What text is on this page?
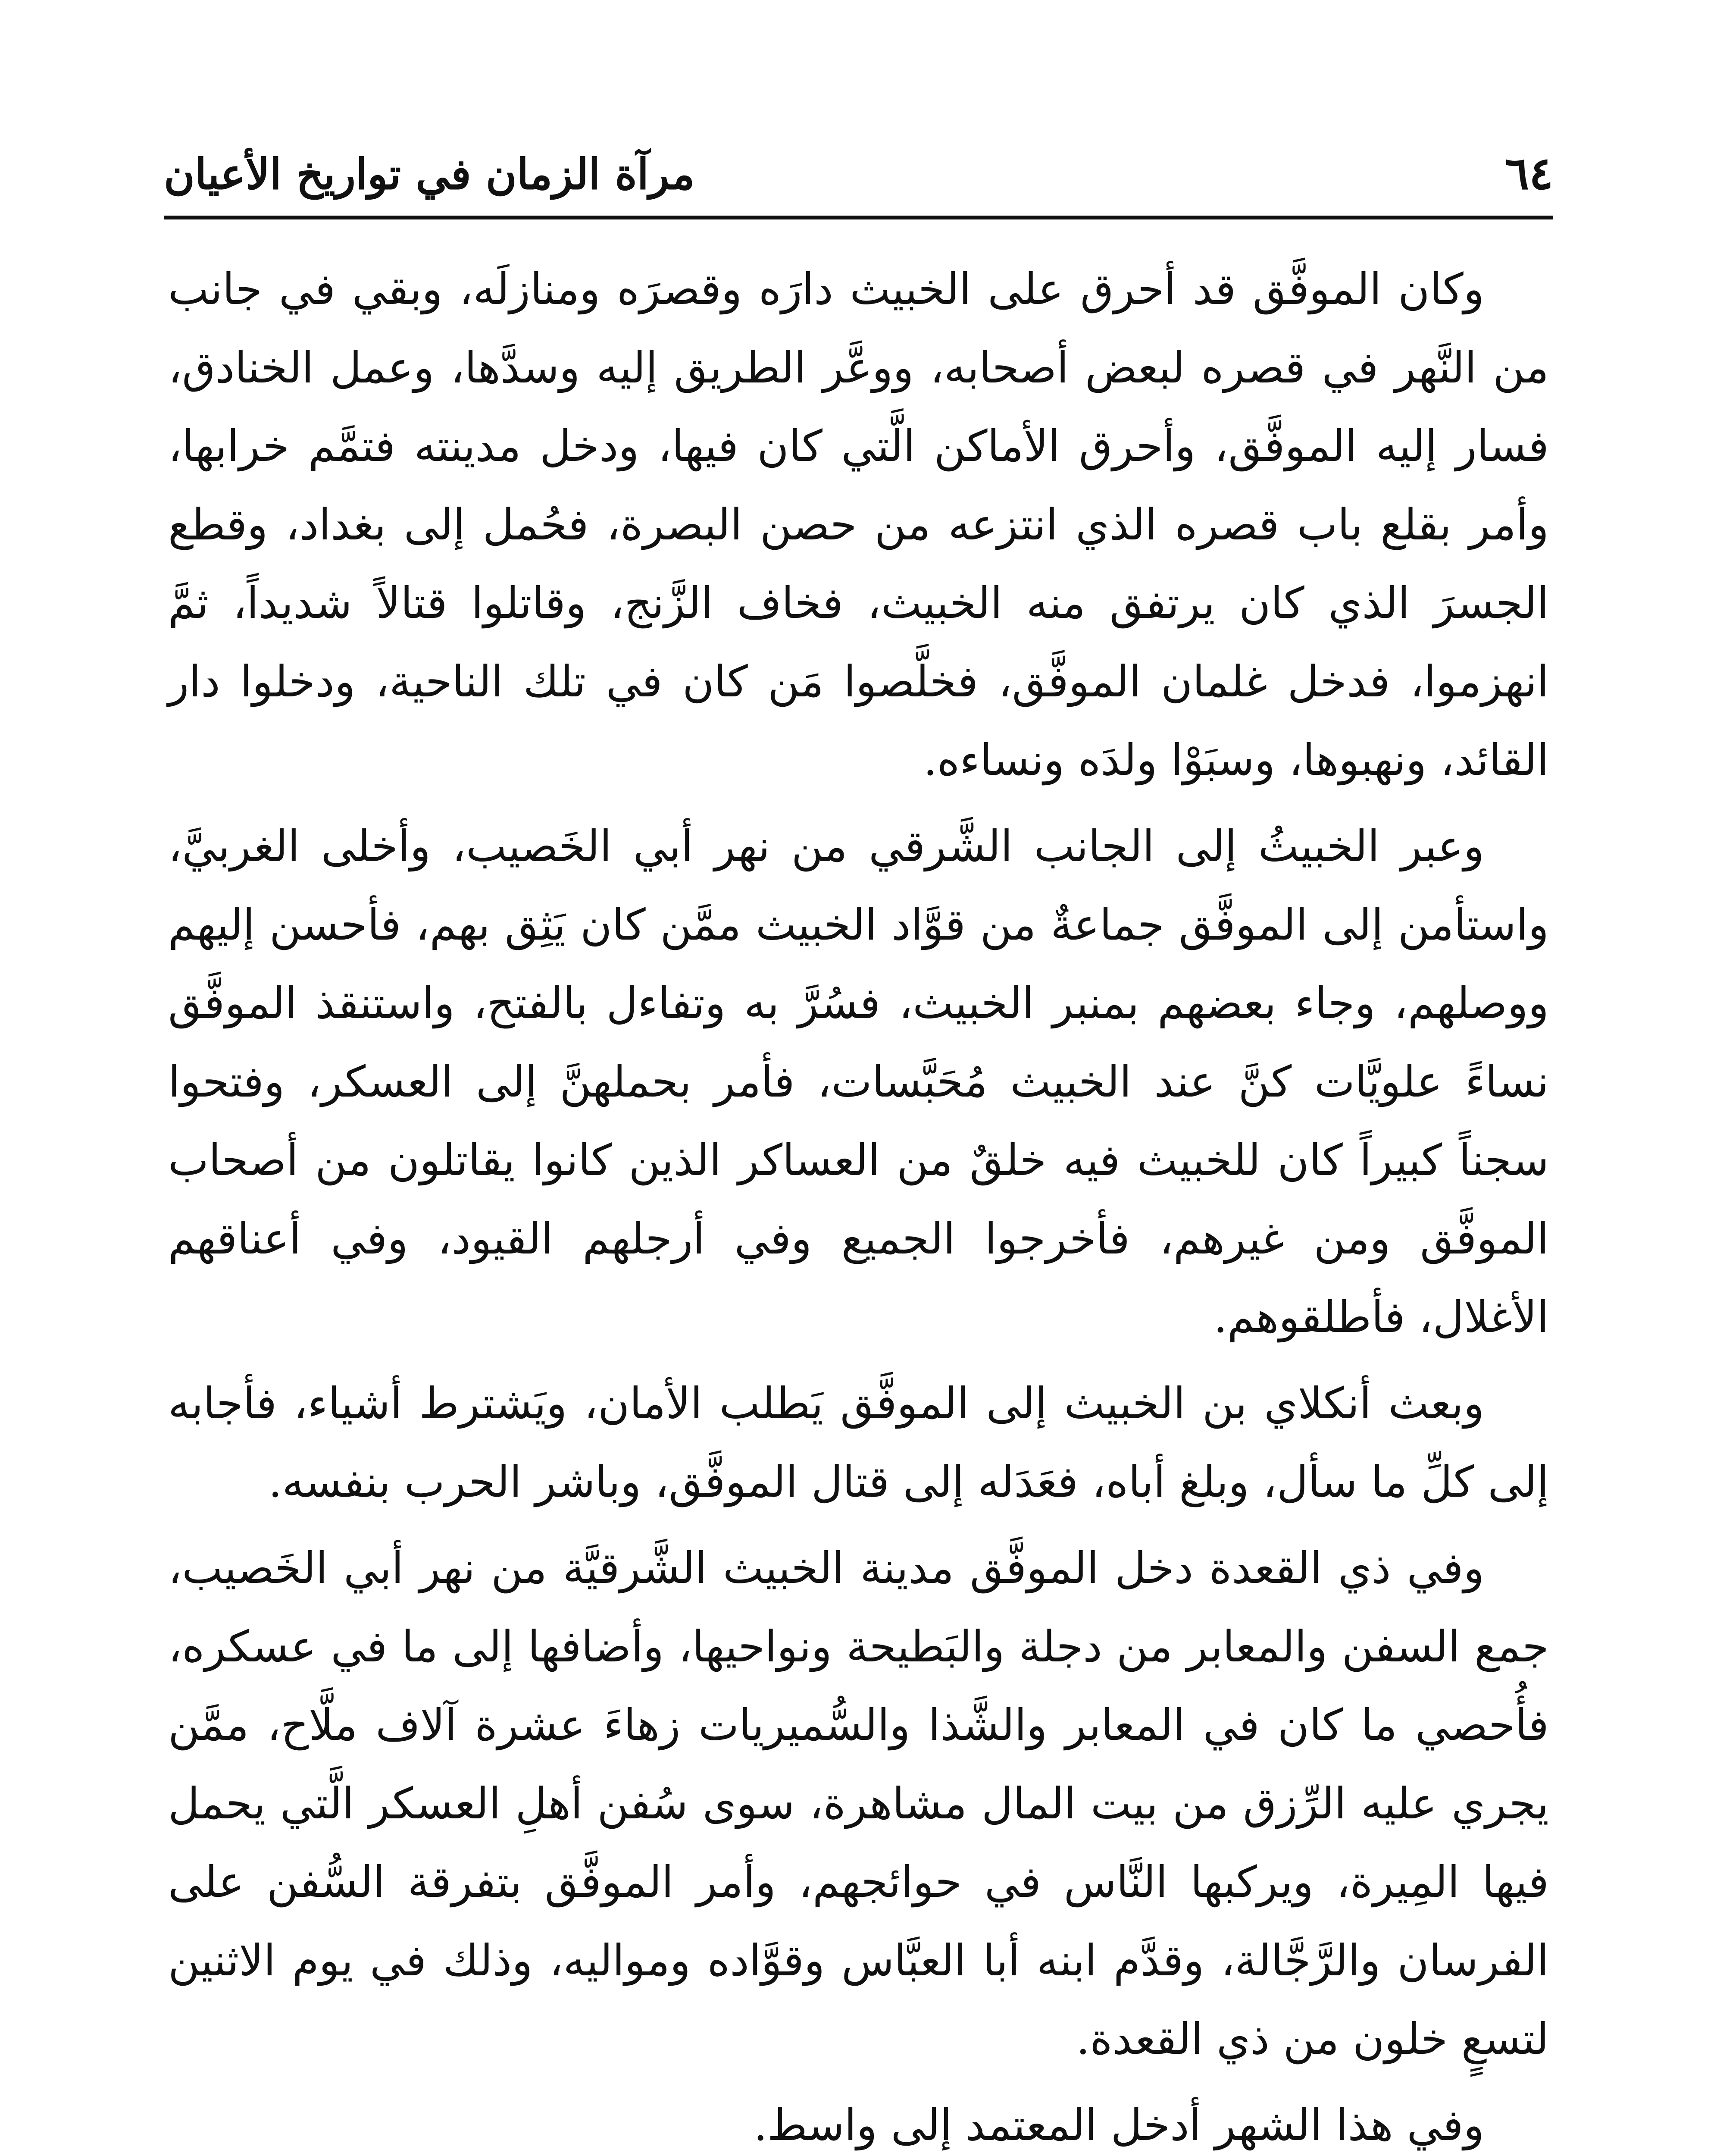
٦٤
مرآة الزمان في تواريخ الأعيان

وكان الموفَّق قد أحرق على الخبيث دارَه وقصرَه ومنازلَه، وبقي في جانب من النَّهر في قصره لبعض أصحابه، ووعَّر الطريق إليه وسدَّها، وعمل الخنادق، فسار إليه الموفَّق، وأحرق الأماكن الَّتي كان فيها، ودخل مدينته فتمَّم خرابها، وأمر بقلع باب قصره الذي انتزعه من حصن البصرة، فحُمل إلى بغداد، وقطع الجسرَ الذي كان يرتفق منه الخبيث، فخاف الزَّنج، وقاتلوا قتالاً شديداً، ثمَّ انهزموا، فدخل غلمان الموفَّق، فخلَّصوا مَن كان في تلك الناحية، ودخلوا دار القائد، ونهبوها، وسبَوْا ولدَه ونساءه.

وعبر الخبيثُ إلى الجانب الشَّرقي من نهر أبي الخَصيب، وأخلى الغربيَّ، واستأمن إلى الموفَّق جماعةٌ من قوَّاد الخبيث ممَّن كان يَثِق بهم، فأحسن إليهم ووصلهم، وجاء بعضهم بمنبر الخبيث، فسُرَّ به وتفاءل بالفتح، واستنقذ الموفَّق نساءً علويَّات كنَّ عند الخبيث مُحَبَّسات، فأمر بحملهنَّ إلى العسكر، وفتحوا سجناً كبيراً كان للخبيث فيه خلقٌ من العساكر الذين كانوا يقاتلون من أصحاب الموفَّق ومن غيرهم، فأخرجوا الجميع وفي أرجلهم القيود، وفي أعناقهم الأغلال، فأطلقوهم.

وبعث أنكلاي بن الخبيث إلى الموفَّق يَطلب الأمان، ويَشترط أشياء، فأجابه إلى كلِّ ما سأل، وبلغ أباه، فعَدَله إلى قتال الموفَّق، وباشر الحرب بنفسه.

وفي ذي القعدة دخل الموفَّق مدينة الخبيث الشَّرقيَّة من نهر أبي الخَصيب، جمع السفن والمعابر من دجلة والبَطيحة ونواحيها، وأضافها إلى ما في عسكره، فأُحصي ما كان في المعابر والشَّذا والسُّميريات زهاءَ عشرة آلاف ملَّاح، ممَّن يجري عليه الرِّزق من بيت المال مشاهرة، سوى سُفن أهلِ العسكر الَّتي يحمل فيها المِيرة، ويركبها النَّاس في حوائجهم، وأمر الموفَّق بتفرقة السُّفن على الفرسان والرَّجَّالة، وقدَّم ابنه أبا العبَّاس وقوَّاده ومواليه، وذلك في يوم الاثنين لتسعٍ خلون من ذي القعدة.

وفي هذا الشهر أدخل المعتمد إلى واسط.
